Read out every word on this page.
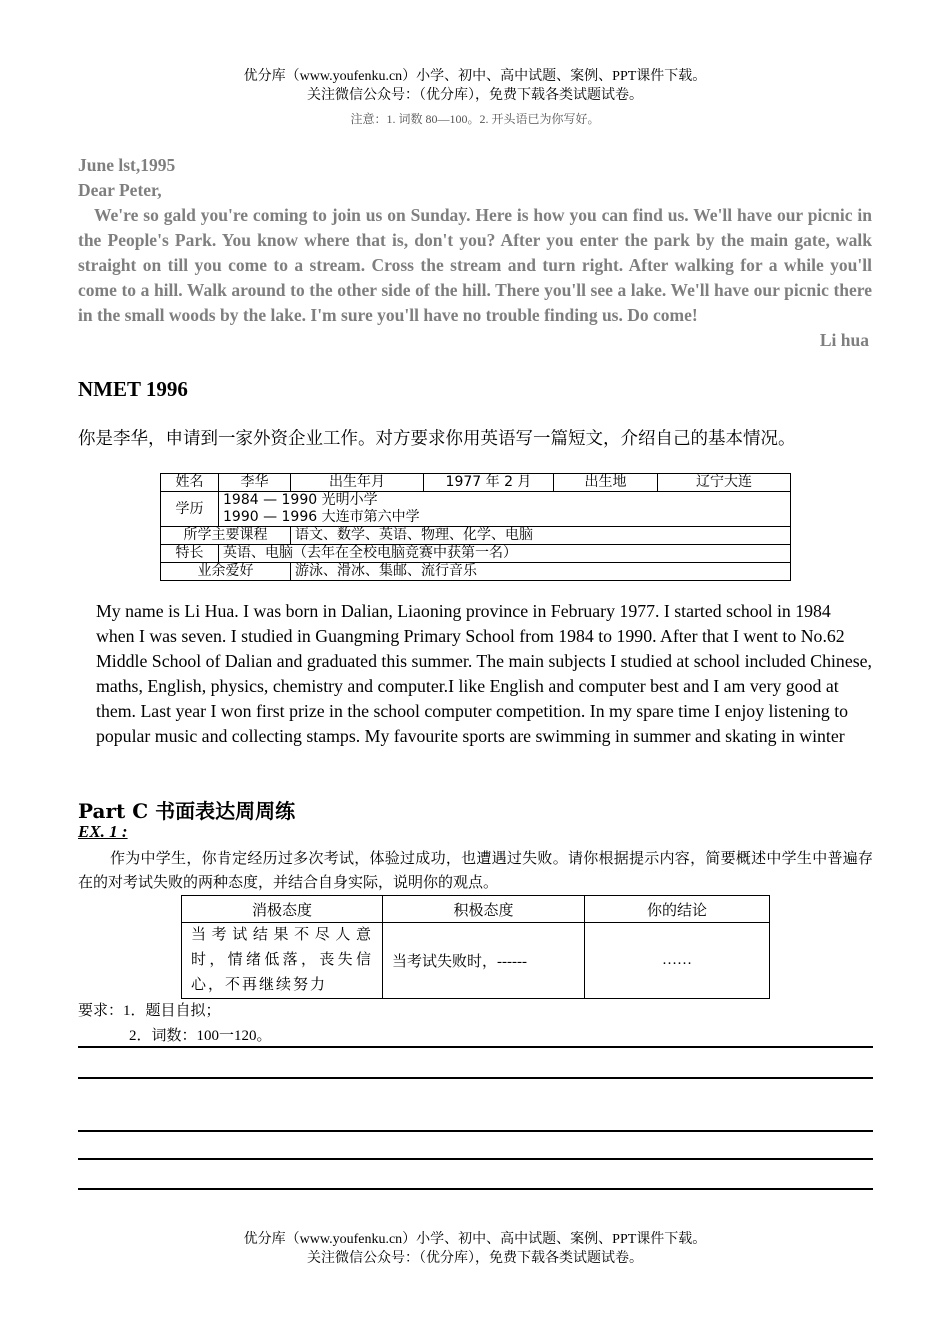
优分库（www.youfenku.cn）小学、初中、高中试题、案例、PPT课件下载。
关注微信公众号：（优分库），免费下载各类试题试卷。
注意：1. 词数 80—100。2. 开头语已为你写好。
June lst,1995
Dear Peter,

We're so gald you're coming to join us on Sunday. Here is how you can find us. We'll have our picnic in the People's Park. You know where that is, don't you? After you enter the park by the main gate, walk straight on till you come to a stream. Cross the stream and turn right. After walking for a while you'll come to a hill. Walk around to the other side of the hill. There you'll see a lake. We'll have our picnic there in the small woods by the lake. I'm sure you'll have no trouble finding us. Do come!

Li hua
NMET 1996
你是李华，申请到一家外资企业工作。对方要求你用英语写一篇短文，介绍自己的基本情况。
姓名	李华	出生年月	1977 年 2 月	出生地	辽宁大连
学历	1984 — 1990 光明小学
1990 — 1996 大连市第六中学				

所学主要课程		语文、数学、英语、物理、化学、电脑			
特长	英语、电脑（去年在全校电脑竞赛中获第一名）				
业余爱好		游泳、滑冰、集邮、流行音乐			
My name is Li Hua. I was born in Dalian, Liaoning province in February 1977. I started school in 1984 when I was seven. I studied in Guangming Primary School from 1984 to 1990. After that I went to No.62 Middle School of Dalian and graduated this summer. The main subjects I studied at school included Chinese, maths, English, physics, chemistry and computer.I like English and computer best and I am very good at them. Last year I won first prize in the school computer competition. In my spare time I enjoy listening to popular music and collecting stamps. My favourite sports are swimming in summer and skating in winter
Part C 书面表达周周练
EX. 1 :
作为中学生，你肯定经历过多次考试，体验过成功，也遭遇过失败。请你根据提示内容，简要概述中学生中普遍存在的对考试失败的两种态度，并结合自身实际，说明你的观点。
消极态度	积极态度	你的结论
当考试结果不尽人意时，情绪低落，丧失信心，不再继续努力	当考试失败时，------	……
要求：1．题目自拟；
2．词数：100一120。
优分库（www.youfenku.cn）小学、初中、高中试题、案例、PPT课件下载。
关注微信公众号：（优分库），免费下载各类试题试卷。
